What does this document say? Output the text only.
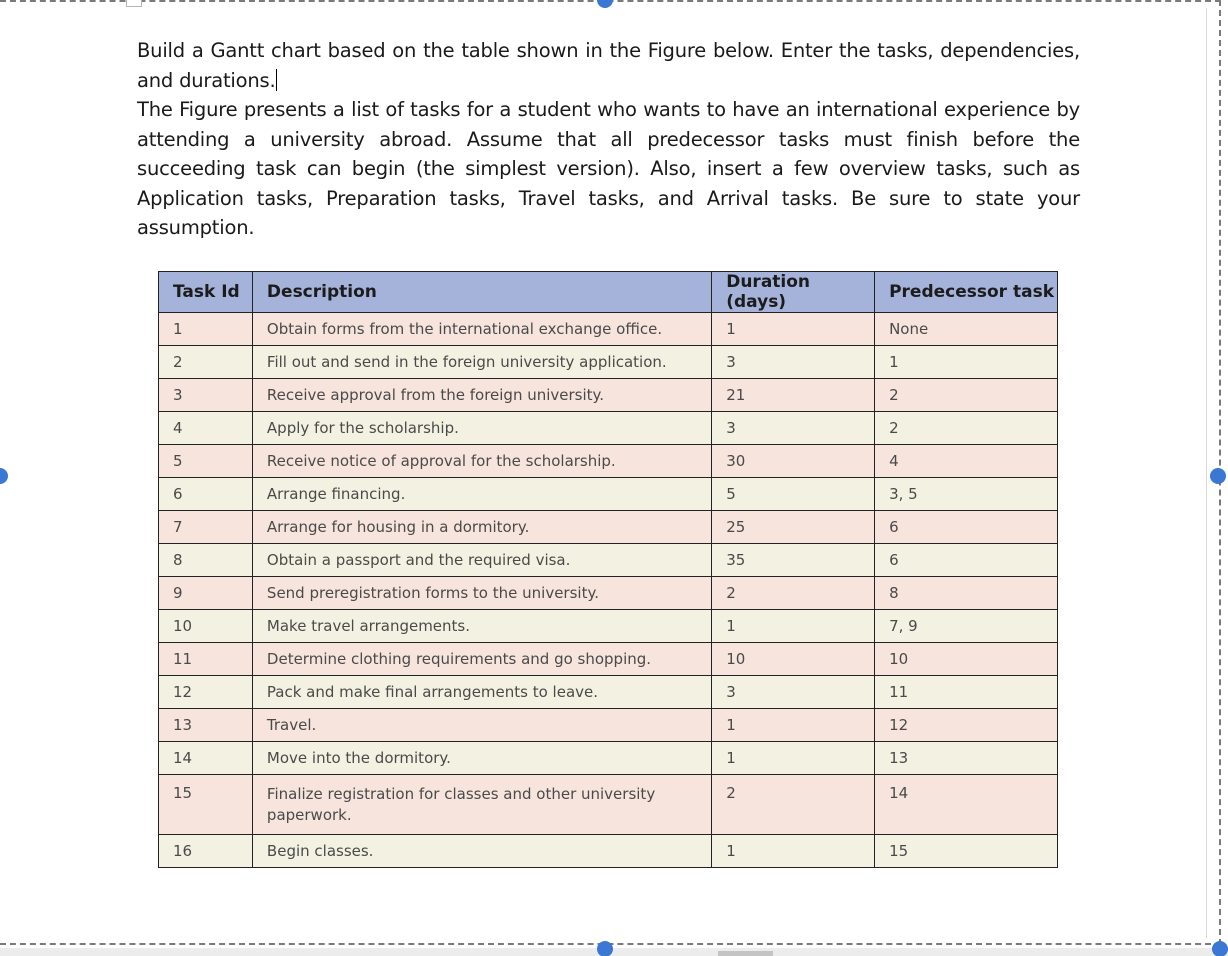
Build a Gantt chart based on the table shown in the Figure below. Enter the tasks, dependencies, and durations.

The Figure presents a list of tasks for a student who wants to have an international experience by attending a university abroad. Assume that all predecessor tasks must finish before the succeeding task can begin (the simplest version). Also, insert a few overview tasks, such as Application tasks, Preparation tasks, Travel tasks, and Arrival tasks. Be sure to state your assumption.

Task Id	Description	Duration (days)	Predecessor task
1	Obtain forms from the international exchange office.	1	None
2	Fill out and send in the foreign university application.	3	1
3	Receive approval from the foreign university.	21	2
4	Apply for the scholarship.	3	2
5	Receive notice of approval for the scholarship.	30	4
6	Arrange financing.	5	3, 5
7	Arrange for housing in a dormitory.	25	6
8	Obtain a passport and the required visa.	35	6
9	Send preregistration forms to the university.	2	8
10	Make travel arrangements.	1	7, 9
11	Determine clothing requirements and go shopping.	10	10
12	Pack and make final arrangements to leave.	3	11
13	Travel.	1	12
14	Move into the dormitory.	1	13
15	Finalize registration for classes and other university paperwork.	2	14
16	Begin classes.	1	15
